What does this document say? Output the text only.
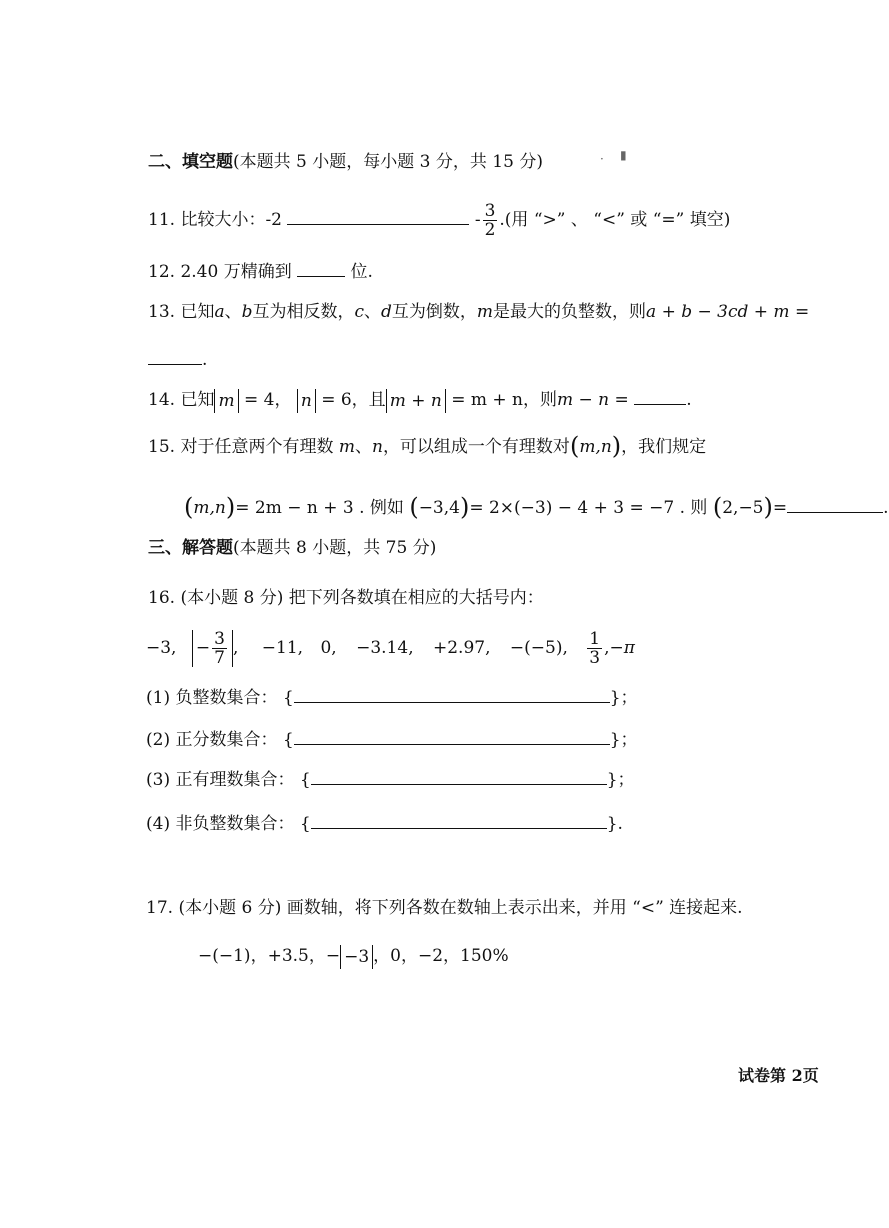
· ▮
二、填空题(本题共 5 小题，每小题 3 分，共 15 分)
11. 比较大小：-2	- $\frac{3}{2}$ .(用 “>” 、 “<” 或 “=” 填空)
12. 2.40 万精确到	位.
13. 已知a、b互为相反数，c、d互为倒数，m是最大的负整数，则a + b − 3cd + m =
.
14. 已知 m = 4， n = 6，且 m + n = m + n，则m − n =	.
15. 对于任意两个有理数 m、n，可以组成一个有理数对(m,n)，我们规定
(m,n)= 2m − n + 3 . 例如 (−3,4)= 2×(−3) − 4 + 3 = −7 . 则 (2,−5)=	.
三、解答题(本题共 8 小题，共 75 分)
16. (本小题 8 分) 把下列各数填在相应的大括号内：
−3, − $\frac{3}{7}$ , −11, 0, −3.14, +2.97, −(−5), $\frac{1}{3} ,-\pi$
(1) 负整数集合： {	}；
(2) 正分数集合： {	}；
(3) 正有理数集合： {	}；
(4) 非负整数集合： {	}.
17. (本小题 6 分) 画数轴，将下列各数在数轴上表示出来，并用 “<” 连接起来.
−(−1)，+3.5，− −3 ，0，−2，150%
试卷第 2页
